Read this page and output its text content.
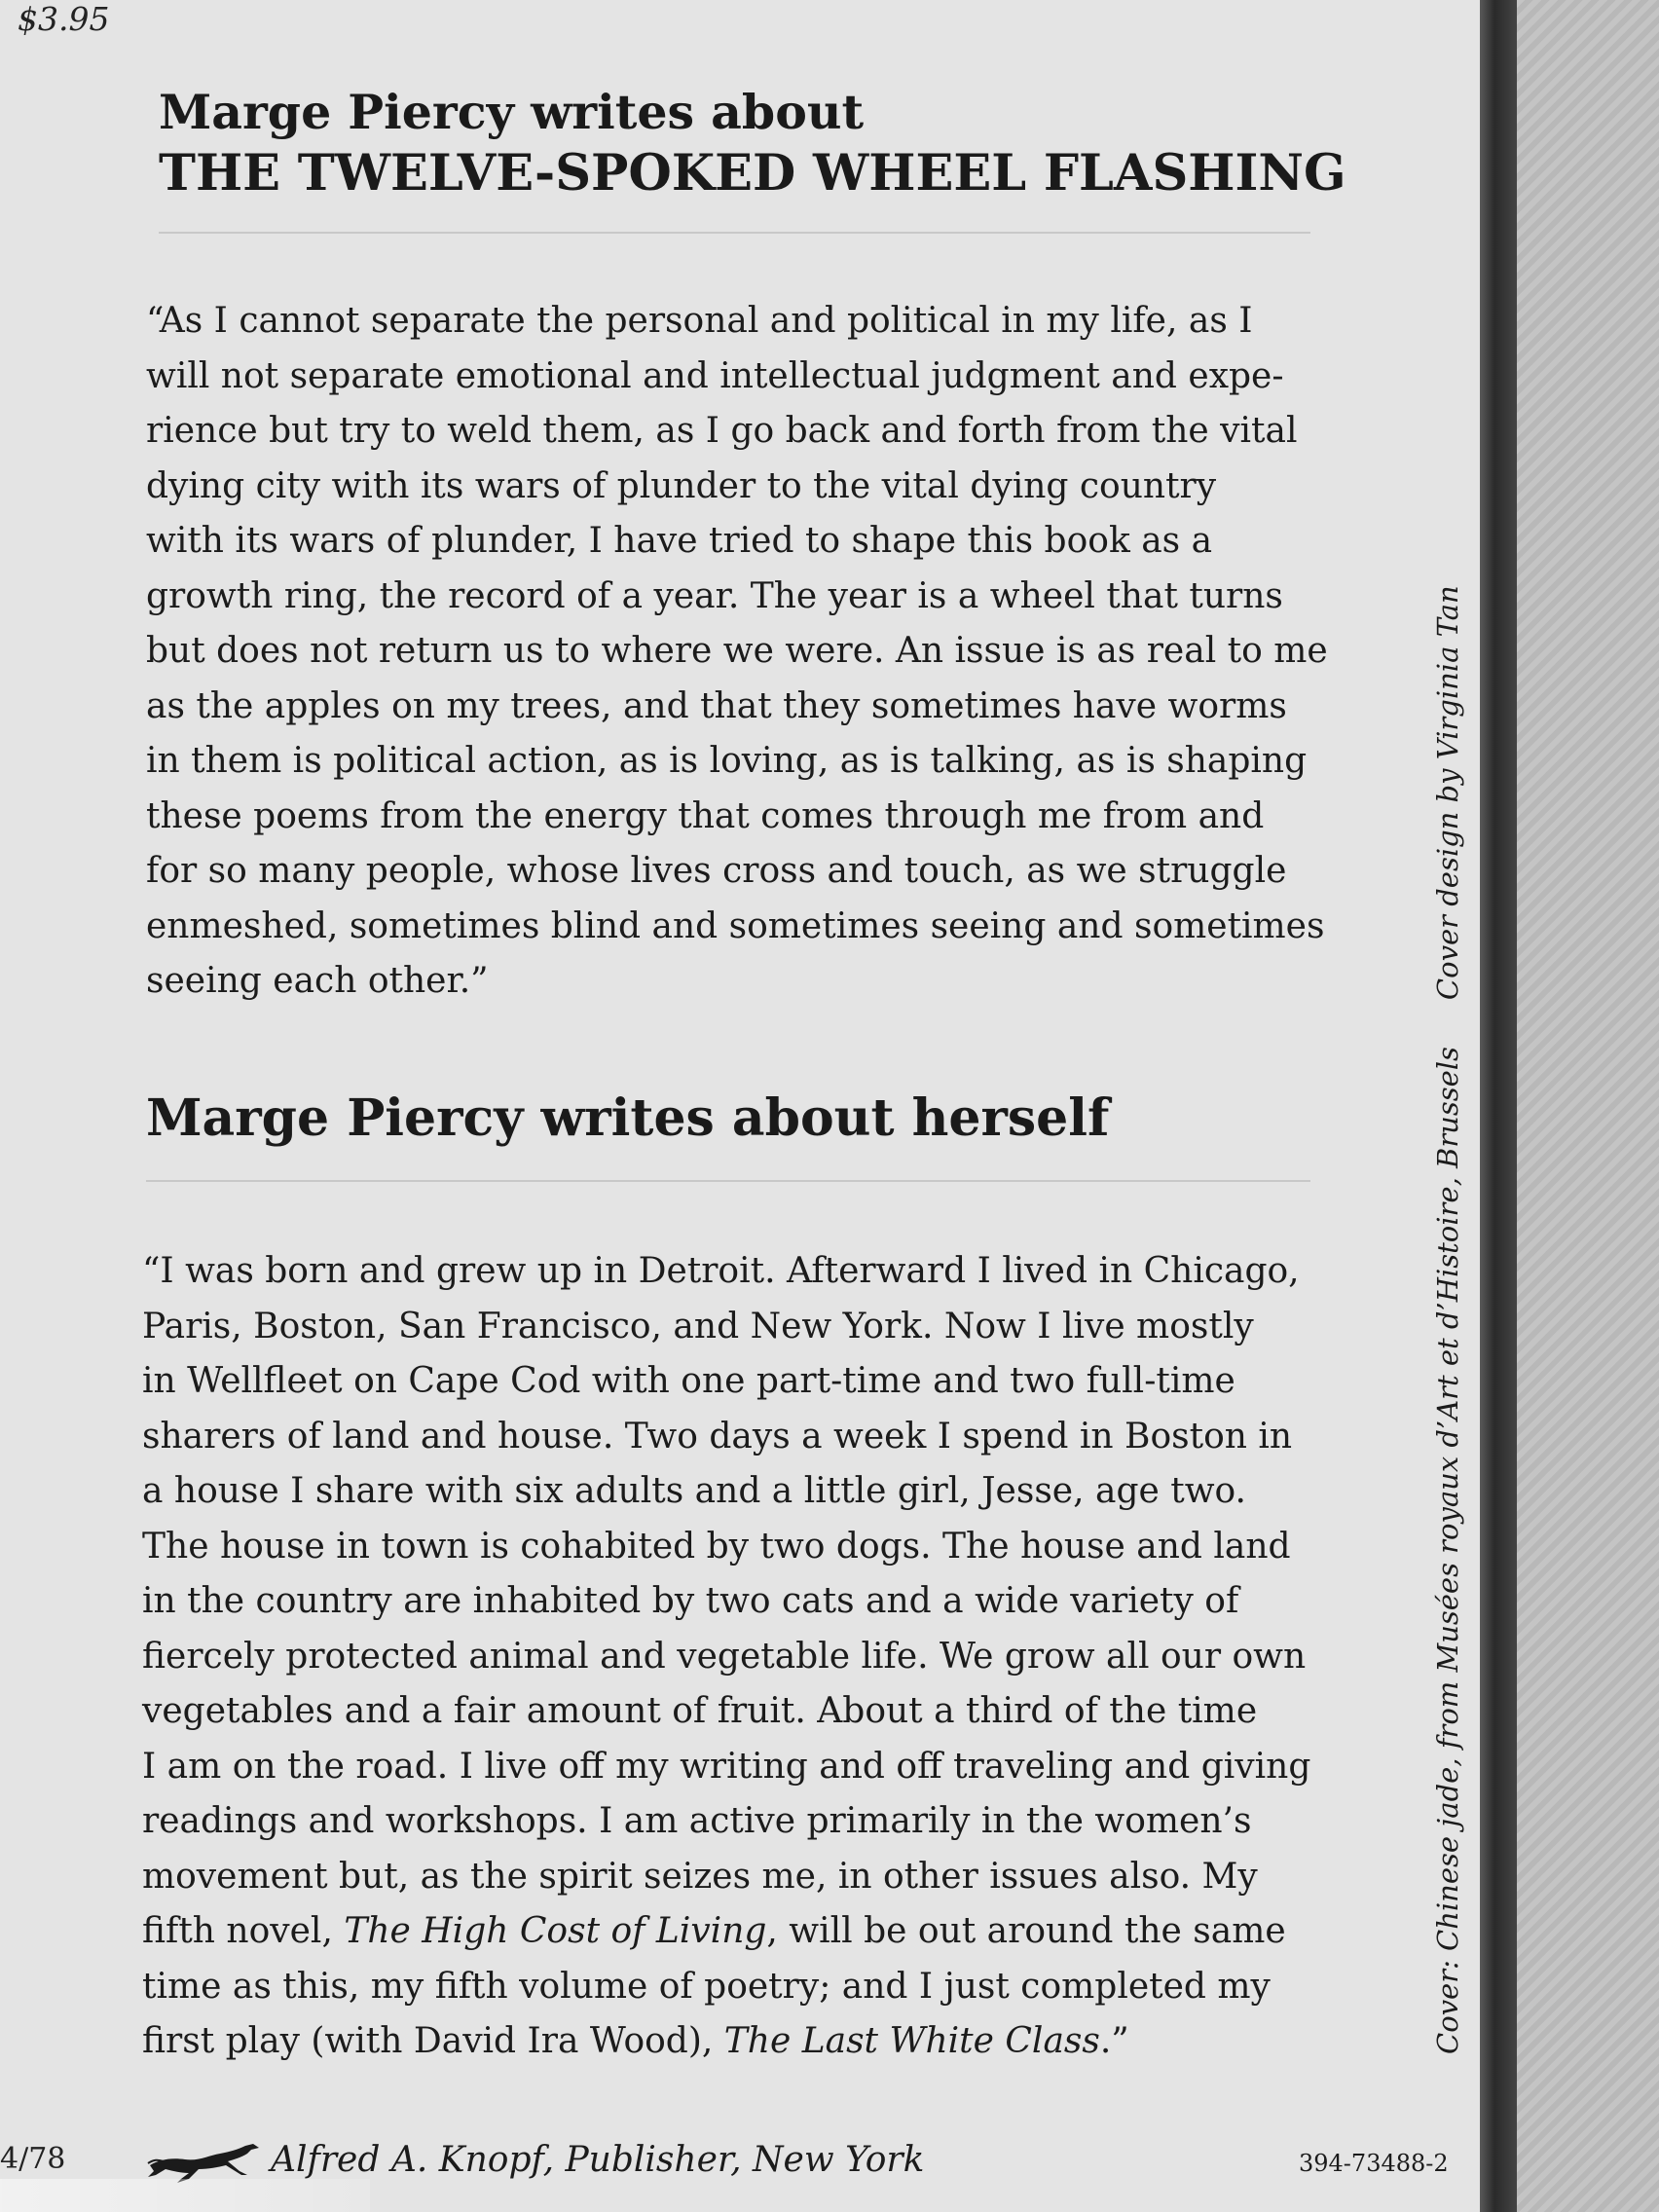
$3.95
Marge Piercy writes about
THE TWELVE-SPOKED WHEEL FLASHING
“As I cannot separate the personal and political in my life, as I
will not separate emotional and intellectual judgment and expe-
rience but try to weld them, as I go back and forth from the vital
dying city with its wars of plunder to the vital dying country
with its wars of plunder, I have tried to shape this book as a
growth ring, the record of a year. The year is a wheel that turns
but does not return us to where we were. An issue is as real to me
as the apples on my trees, and that they sometimes have worms
in them is political action, as is loving, as is talking, as is shaping
these poems from the energy that comes through me from and
for so many people, whose lives cross and touch, as we struggle
enmeshed, sometimes blind and sometimes seeing and sometimes
seeing each other.”
Marge Piercy writes about herself
“I was born and grew up in Detroit. Afterward I lived in Chicago,
Paris, Boston, San Francisco, and New York. Now I live mostly
in Wellfleet on Cape Cod with one part-time and two full-time
sharers of land and house. Two days a week I spend in Boston in
a house I share with six adults and a little girl, Jesse, age two.
The house in town is cohabited by two dogs. The house and land
in the country are inhabited by two cats and a wide variety of
fiercely protected animal and vegetable life. We grow all our own
vegetables and a fair amount of fruit. About a third of the time
I am on the road. I live off my writing and off traveling and giving
readings and workshops. I am active primarily in the women’s
movement but, as the spirit seizes me, in other issues also. My
fifth novel, The High Cost of Living, will be out around the same
time as this, my fifth volume of poetry; and I just completed my
first play (with David Ira Wood), The Last White Class.”	Cover: Chinese jade, from Musées royaux d’Art et d’Histoire, BrusselsCover design by Virginia Tan
4/78	Alfred A. Knopf, Publisher, New York	394-73488-2
